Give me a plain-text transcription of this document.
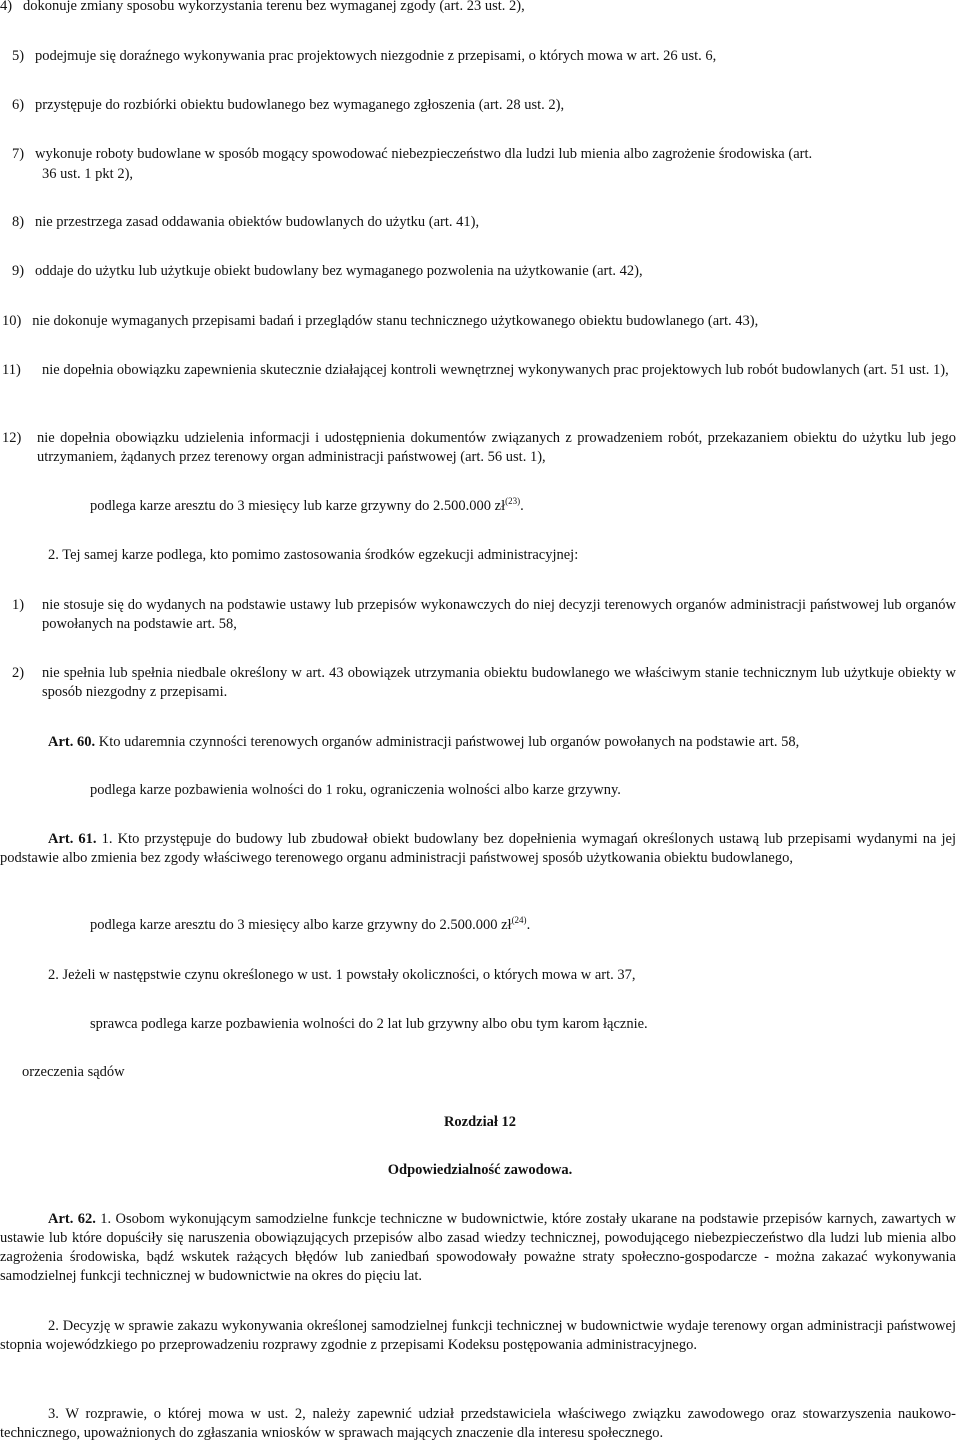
4) dokonuje zmiany sposobu wykorzystania terenu bez wymaganej zgody (art. 23 ust. 2),
5) podejmuje się doraźnego wykonywania prac projektowych niezgodnie z przepisami, o których mowa w art. 26 ust. 6,
6) przystępuje do rozbiórki obiektu budowlanego bez wymaganego zgłoszenia (art. 28 ust. 2),
7) wykonuje roboty budowlane w sposób mogący spowodować niebezpieczeństwo dla ludzi lub mienia albo zagrożenie środowiska (art.
36 ust. 1 pkt 2),
8) nie przestrzega zasad oddawania obiektów budowlanych do użytku (art. 41),
9) oddaje do użytku lub użytkuje obiekt budowlany bez wymaganego pozwolenia na użytkowanie (art. 42),
10) nie dokonuje wymaganych przepisami badań i przeglądów stanu technicznego użytkowanego obiektu budowlanego (art. 43),
11)	nie dopełnia obowiązku zapewnienia skutecznie działającej kontroli wewnętrznej wykonywanych prac projektowych lub robót budowlanych (art. 51 ust. 1),
12)	nie dopełnia obowiązku udzielenia informacji i udostępnienia dokumentów związanych z prowadzeniem robót, przekazaniem obiektu do użytku lub jego utrzymaniem, żądanych przez terenowy organ administracji państwowej (art. 56 ust. 1),
podlega karze aresztu do 3 miesięcy lub karze grzywny do 2.500.000 $zł^{(23)}$.
2. Tej samej karze podlega, kto pomimo zastosowania środków egzekucji administracyjnej:
1)	nie stosuje się do wydanych na podstawie ustawy lub przepisów wykonawczych do niej decyzji terenowych organów administracji państwowej lub organów powołanych na podstawie art. 58,
2)	nie spełnia lub spełnia niedbale określony w art. 43 obowiązek utrzymania obiektu budowlanego we właściwym stanie technicznym lub użytkuje obiekty w sposób niezgodny z przepisami.
Art. 60. Kto udaremnia czynności terenowych organów administracji państwowej lub organów powołanych na podstawie art. 58,
podlega karze pozbawienia wolności do 1 roku, ograniczenia wolności albo karze grzywny.
Art. 61. 1. Kto przystępuje do budowy lub zbudował obiekt budowlany bez dopełnienia wymagań określonych ustawą lub przepisami wydanymi na jej podstawie albo zmienia bez zgody właściwego terenowego organu administracji państwowej sposób użytkowania obiektu budowlanego,
podlega karze aresztu do 3 miesięcy albo karze grzywny do 2.500.000 $zł^{(24)}$.
2. Jeżeli w następstwie czynu określonego w ust. 1 powstały okoliczności, o których mowa w art. 37,
sprawca podlega karze pozbawienia wolności do 2 lat lub grzywny albo obu tym karom łącznie.
orzeczenia sądów
Rozdział 12
Odpowiedzialność zawodowa.
Art. 62. 1. Osobom wykonującym samodzielne funkcje techniczne w budownictwie, które zostały ukarane na podstawie przepisów karnych, zawartych w ustawie lub które dopuściły się naruszenia obowiązujących przepisów albo zasad wiedzy technicznej, powodującego niebezpieczeństwo dla ludzi lub mienia albo zagrożenia środowiska, bądź wskutek rażących błędów lub zaniedbań spowodowały poważne straty społeczno-gospodarcze - można zakazać wykonywania samodzielnej funkcji technicznej w budownictwie na okres do pięciu lat.
2. Decyzję w sprawie zakazu wykonywania określonej samodzielnej funkcji technicznej w budownictwie wydaje terenowy organ administracji państwowej stopnia wojewódzkiego po przeprowadzeniu rozprawy zgodnie z przepisami Kodeksu postępowania administracyjnego.
3. W rozprawie, o której mowa w ust. 2, należy zapewnić udział przedstawiciela właściwego związku zawodowego oraz stowarzyszenia naukowo-technicznego, upoważnionych do zgłaszania wniosków w sprawach mających znaczenie dla interesu społecznego.
